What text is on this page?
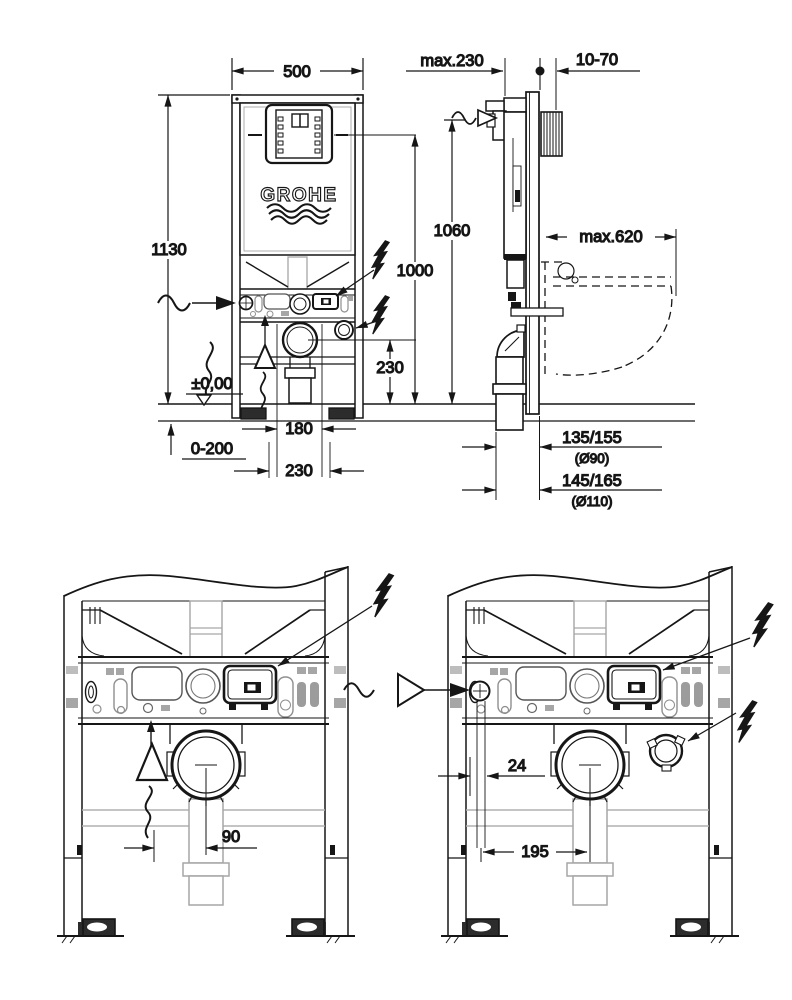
GROHE
500
1130
1000
1060
230
±0,00
0-200
180
230
max.230	10-70
max.620
135/155
(Ø90)
145/165
(Ø110)
90
24
195
